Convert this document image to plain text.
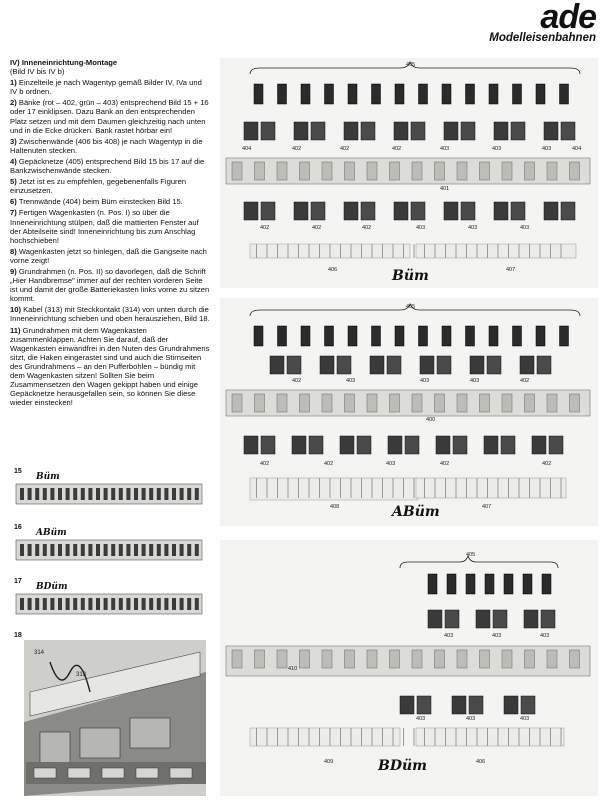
ade
Modelleisenbahnen
IV) Inneneinrichtung-Montage

(Bild IV bis IV b)

1) Einzelteile je nach Wagentyp gemäß Bilder IV, IVa und IV b ordnen.

2) Bänke (rot – 402, grün – 403) entsprechend Bild 15 + 16 oder 17 einklipsen. Dazu Bank an den entsprechenden Platz setzen und mit dem Daumen gleichzeitig nach unten und in die Ecke drücken. Bank rastet hörbar ein!

3) Zwischenwände (406 bis 408) je nach Wagentyp in die Haltenuten stecken.

4) Gepäcknetze (405) entsprechend Bild 15 bis 17 auf die Bankzwischenwände stecken.

5) Jetzt ist es zu empfehlen, gegebenenfalls Figuren einzusetzen.

6) Trennwände (404) beim Büm einstecken Bild 15.

7) Fertigen Wagenkasten (n. Pos. I) so über die Inneneinrichtung stülpen, daß die mattierten Fenster auf der Abteilseite sind! Inneneinrichtung bis zum Anschlag hochschieben!

8) Wagenkasten jetzt so hinlegen, daß die Gangseite nach vorne zeigt!

9) Grundrahmen (n. Pos. II) so davorlegen, daß die Schrift „Hier Handbremse" immer auf der rechten vorderen Seite ist und damit der große Batteriekasten links vorne zu sitzen kommt.

10) Kabel (313) mit Steckkontakt (314) von unten durch die Inneneinrichtung schieben und oben herausziehen, Bild 18.

11) Grundrahmen mit dem Wagenkasten zusammenklappen. Achten Sie darauf, daß der Wagenkasten einwandfrei in den Nuten des Grundrahmens sitzt, die Haken eingerastet sind und auch die Stirnseiten des Grundrahmens – an den Pufferbohlen – bündig mit dem Wagenkasten sitzen! Sollten Sie beim Zusammensetzen den Wagen gekippt haben und einige Gepäcknetze herausgefallen sein, so können Sie diese wieder einstecken!

405
404	402	402	402	403	403	403	404
401
402	402	402	403	403	403
406	407
Büm
405
402	403	403	403	402
400
402	402	403	402	402
408	407
ABüm
405
403	403	403
410
403	403	403
409	406
BDüm
15
Büm
16
ABüm
17
BDüm
18
314
313
